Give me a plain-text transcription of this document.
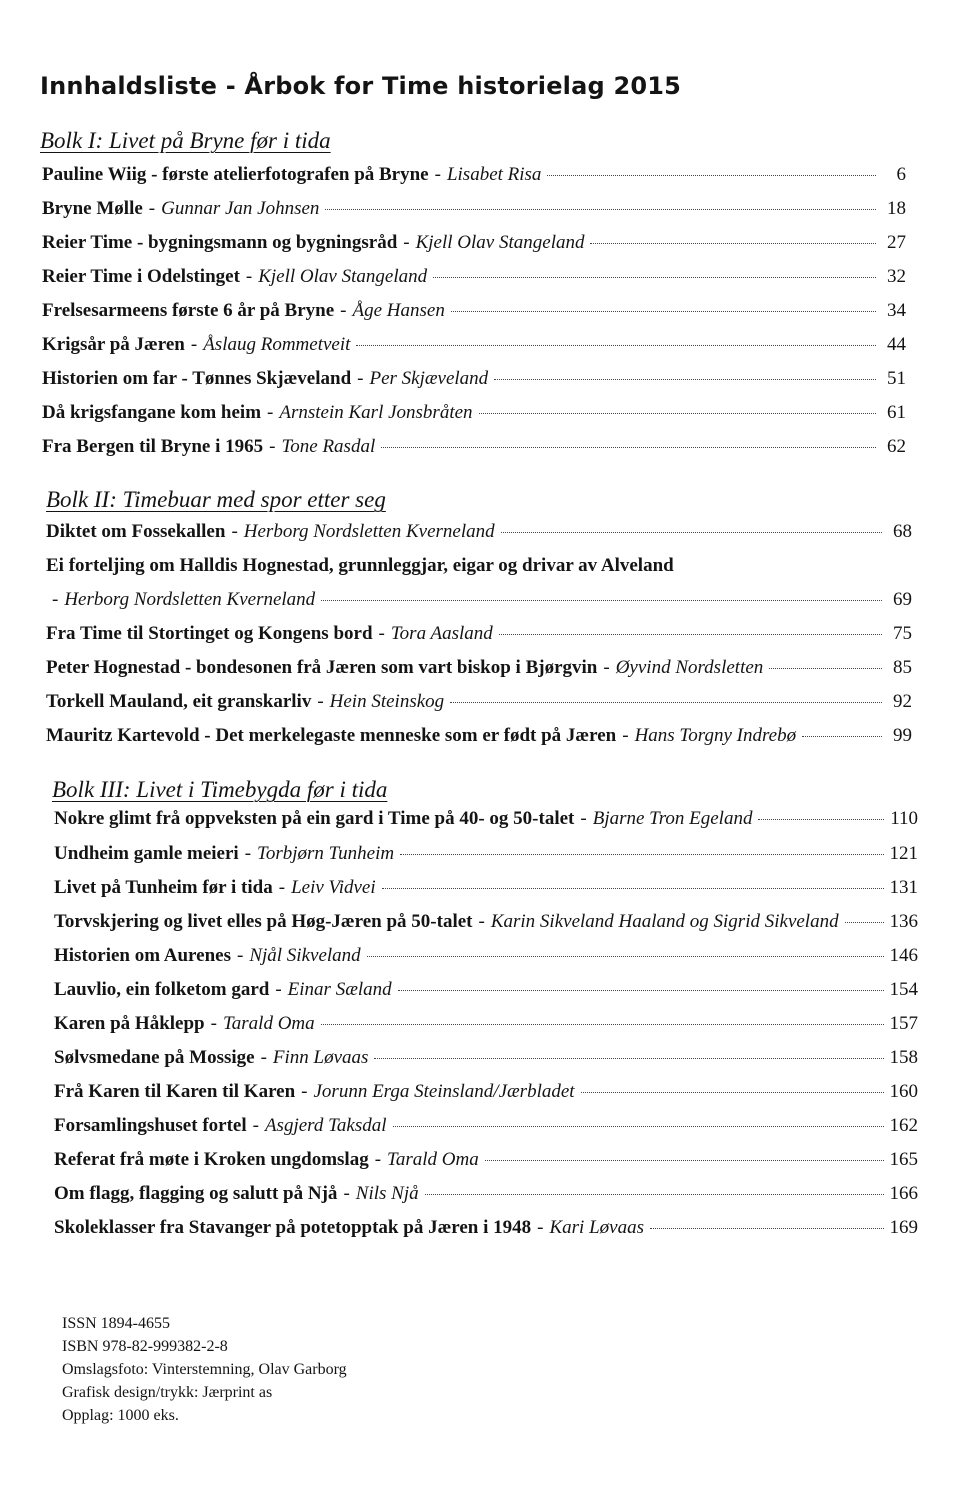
Innhaldsliste - Årbok for Time historielag 2015
Bolk I: Livet på Bryne før i tida
Pauline Wiig - første atelierfotografen på Bryne - Lisabet Risa	6
Bryne Mølle - Gunnar Jan Johnsen	18
Reier Time - bygningsmann og bygningsråd - Kjell Olav Stangeland	27
Reier Time i Odelstinget - Kjell Olav Stangeland	32
Frelsesarmeens første 6 år på Bryne - Åge Hansen	34
Krigsår på Jæren - Åslaug Rommetveit	44
Historien om far - Tønnes Skjæveland - Per Skjæveland	51
Då krigsfangane kom heim - Arnstein Karl Jonsbråten	61
Fra Bergen til Bryne i 1965 - Tone Rasdal	62
Bolk II: Timebuar med spor etter seg
Diktet om Fossekallen - Herborg Nordsletten Kverneland	68
Ei forteljing om Halldis Hognestad, grunnleggjar, eigar og drivar av Alveland
- Herborg Nordsletten Kverneland	69
Fra Time til Stortinget og Kongens bord - Tora Aasland	75
Peter Hognestad - bondesonen frå Jæren som vart biskop i Bjørgvin - Øyvind Nordsletten	85
Torkell Mauland, eit granskarliv - Hein Steinskog	92
Mauritz Kartevold - Det merkelegaste menneske som er født på Jæren - Hans Torgny Indrebø	99
Bolk III: Livet i Timebygda før i tida
Nokre glimt frå oppveksten på ein gard i Time på 40- og 50-talet - Bjarne Tron Egeland	110
Undheim gamle meieri - Torbjørn Tunheim	121
Livet på Tunheim før i tida - Leiv Vidvei	131
Torvskjering og livet elles på Høg-Jæren på 50-talet - Karin Sikveland Haaland og Sigrid Sikveland	136
Historien om Aurenes - Njål Sikveland	146
Lauvlio, ein folketom gard - Einar Sæland	154
Karen på Håklepp - Tarald Oma	157
Sølvsmedane på Mossige - Finn Løvaas	158
Frå Karen til Karen til Karen - Jorunn Erga Steinsland/Jærbladet	160
Forsamlingshuset fortel - Asgjerd Taksdal	162
Referat frå møte i Kroken ungdomslag - Tarald Oma	165
Om flagg, flagging og salutt på Njå - Nils Njå	166
Skoleklasser fra Stavanger på potetopptak på Jæren i 1948 - Kari Løvaas	169
ISSN 1894-4655
ISBN 978-82-999382-2-8
Omslagsfoto: Vinterstemning, Olav Garborg
Grafisk design/trykk: Jærprint as
Opplag: 1000 eks.
